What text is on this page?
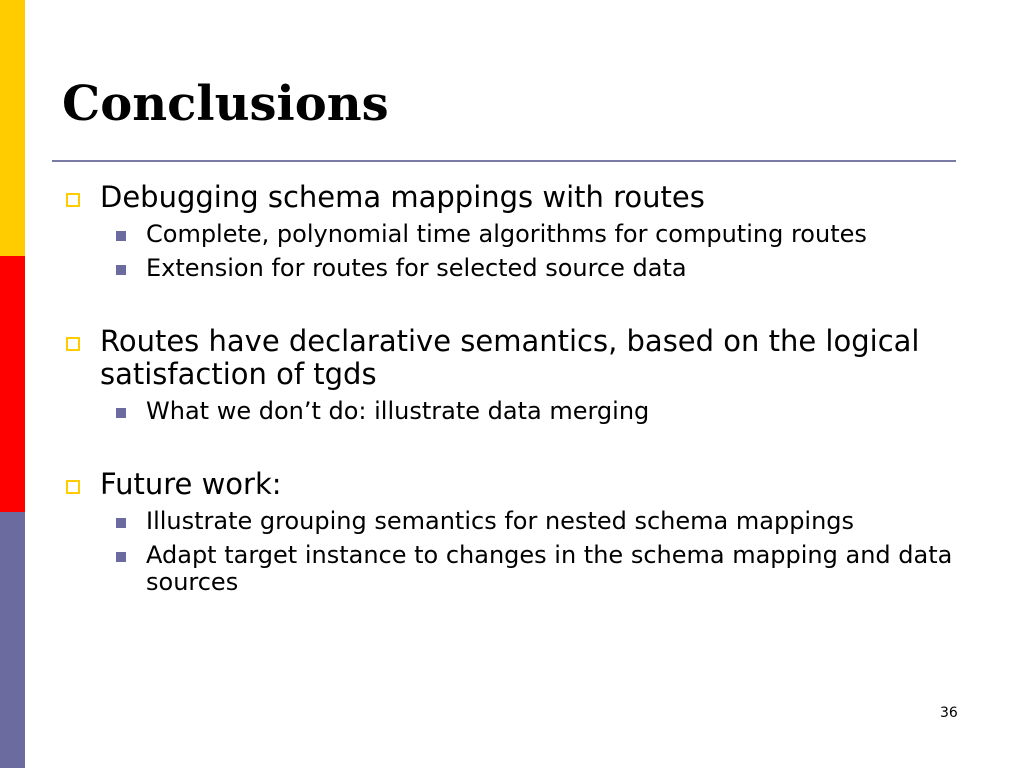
Conclusions
Debugging schema mappings with routes
Complete, polynomial time algorithms for computing routes
Extension for routes for selected source data
Routes have declarative semantics, based on the logical satisfaction of tgds
What we don’t do: illustrate data merging
Future work:
Illustrate grouping semantics for nested schema mappings
Adapt target instance to changes in the schema mapping and data sources
36
